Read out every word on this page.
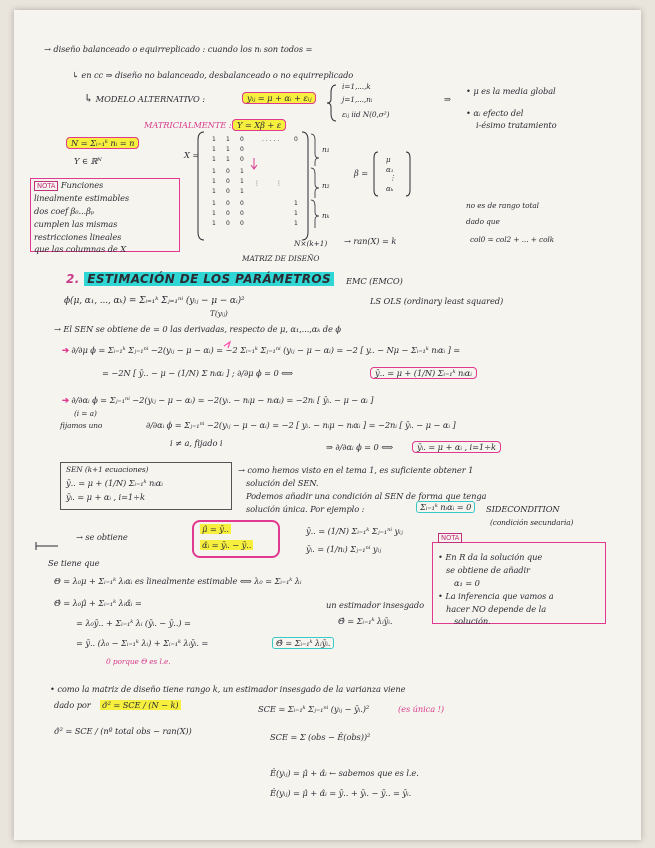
→ diseño balanceado o equirreplicado : cuando los nᵢ son todos =
↳ en cc ⇒ diseño no balanceado, desbalanceado o no equirreplicado
↳ MODELO ALTERNATIVO :	yᵢⱼ = μ + αᵢ + εᵢⱼ
i=1,...,k
j=1,...,nᵢ
εᵢⱼ iid N(0,σ²)
⇒
• μ es la media global
• αᵢ efecto del
i-ésimo tratamiento
MATRICIALMENTE : Y = Xβ + ε
N = Σᵢ₌₁ᵏ nᵢ = n
Y ∈ ℝᴺ
X =
1 1 0	. . . . . 0
1 1 0
1 1 0
1 0 1
1 0 1
1 0 1
1 0 0	1
1 0 0	1
1 0 0	1
⋮	⋮
n₁
n₂
nₖ
N×(k+1)
MATRIZ DE DISEÑO
β =
μ
α₁
⋮
αₖ
→ ran(X) = k
NOTA Funciones
linealmente estimables
dos coef β₀...βₚ
cumplen las mismas
restricciones lineales
que las columnas de X
no es de rango total
dado que
col0 = col2 + ... + colk
2. ESTIMACIÓN DE LOS PARÁMETROS	EMC (EMCO)
LS OLS (ordinary least squared)
ϕ(μ, α₁, ..., αₖ) = Σᵢ₌₁ᵏ Σⱼ₌₁ⁿⁱ (yᵢⱼ − μ − αᵢ)²
T(yᵢⱼ)
→ El SEN se obtiene de = 0 las derivadas, respecto de μ, α₁,...,αₖ de ϕ
➔ ∂/∂μ ϕ = Σᵢ₌₁ᵏ Σⱼ₌₁ⁿⁱ −2(yᵢⱼ − μ − αᵢ) = −2 Σᵢ₌₁ᵏ Σⱼ₌₁ⁿⁱ (yᵢⱼ − μ − αᵢ) = −2 [ y.. − Nμ − Σᵢ₌₁ᵏ nᵢαᵢ ] =
= −2N [ ȳ.. − μ − (1/N) Σ nᵢαᵢ ] ; ∂/∂μ ϕ = 0 ⟺	ȳ.. = μ + (1/N) Σᵢ₌₁ᵏ nᵢαᵢ
➔ ∂/∂αᵢ ϕ = Σⱼ₌₁ⁿⁱ −2(yᵢⱼ − μ − αᵢ) = −2(yᵢ. − nᵢμ − nᵢαᵢ) = −2nᵢ [ ȳᵢ. − μ − αᵢ ]
(i = a)
fijamos uno	∂/∂αᵢ ϕ = Σⱼ₌₁ⁿⁱ −2(yᵢⱼ − μ − αᵢ) = −2 [ yᵢ. − nᵢμ − nᵢαᵢ ] = −2nᵢ [ ȳᵢ. − μ − αᵢ ]
i ≠ a, fijado i	⇒ ∂/∂αᵢ ϕ = 0 ⟺	ȳᵢ. = μ + αᵢ , i=1÷k
SEN (k+1 ecuaciones)
ȳ.. = μ + (1/N) Σᵢ₌₁ᵏ nᵢαᵢ
ȳᵢ. = μ + αᵢ , i=1÷k
→ como hemos visto en el tema 1, es suficiente obtener 1
solución del SEN.
Podemos añadir una condición al SEN de forma que tenga
solución única. Por ejemplo :	Σᵢ₌₁ᵏ nᵢαᵢ = 0	SIDECONDITION
(condición secundaria)
→ se obtiene
μ̂ = ȳ..
α̂ᵢ = ȳᵢ. − ȳ..
ȳ.. = (1/N) Σᵢ₌₁ᵏ Σⱼ₌₁ⁿⁱ yᵢⱼ
ȳᵢ. = (1/nᵢ) Σⱼ₌₁ⁿⁱ yᵢⱼ
NOTA
• En R da la solución que
se obtiene de añadir
α₁ = 0
• La inferencia que vamos a
hacer NO depende de la
solución.
Se tiene que
Θ = λ₀μ + Σᵢ₌₁ᵏ λᵢαᵢ es linealmente estimable ⟺ λ₀ = Σᵢ₌₁ᵏ λᵢ
Θ̂ = λ₀μ̂ + Σᵢ₌₁ᵏ λᵢα̂ᵢ =
= λ₀ȳ.. + Σᵢ₌₁ᵏ λᵢ (ȳᵢ. − ȳ..) =
= ȳ.. (λ₀ − Σᵢ₌₁ᵏ λᵢ) + Σᵢ₌₁ᵏ λᵢȳᵢ. =	Θ̂ = Σᵢ₌₁ᵏ λᵢȳᵢ.
0 porque Θ es l.e.
un estimador insesgado
Θ̂ = Σᵢ₌₁ᵏ λᵢȳᵢ.
• como la matriz de diseño tiene rango k, un estimador insesgado de la varianza viene
dado por σ̂² = SCE / (N − k)	SCE = Σᵢ₌₁ᵏ Σⱼ₌₁ⁿⁱ (yᵢⱼ − ȳᵢ.)²	(es única !)
σ̂² = SCE / (nº total obs − ran(X))
SCE = Σ (obs − Ê(obs))²
Ê(yᵢⱼ) = μ̂ + α̂ᵢ ← sabemos que es l.e.
Ê(yᵢⱼ) = μ̂ + α̂ᵢ = ȳ.. + ȳᵢ. − ȳ.. = ȳᵢ.
